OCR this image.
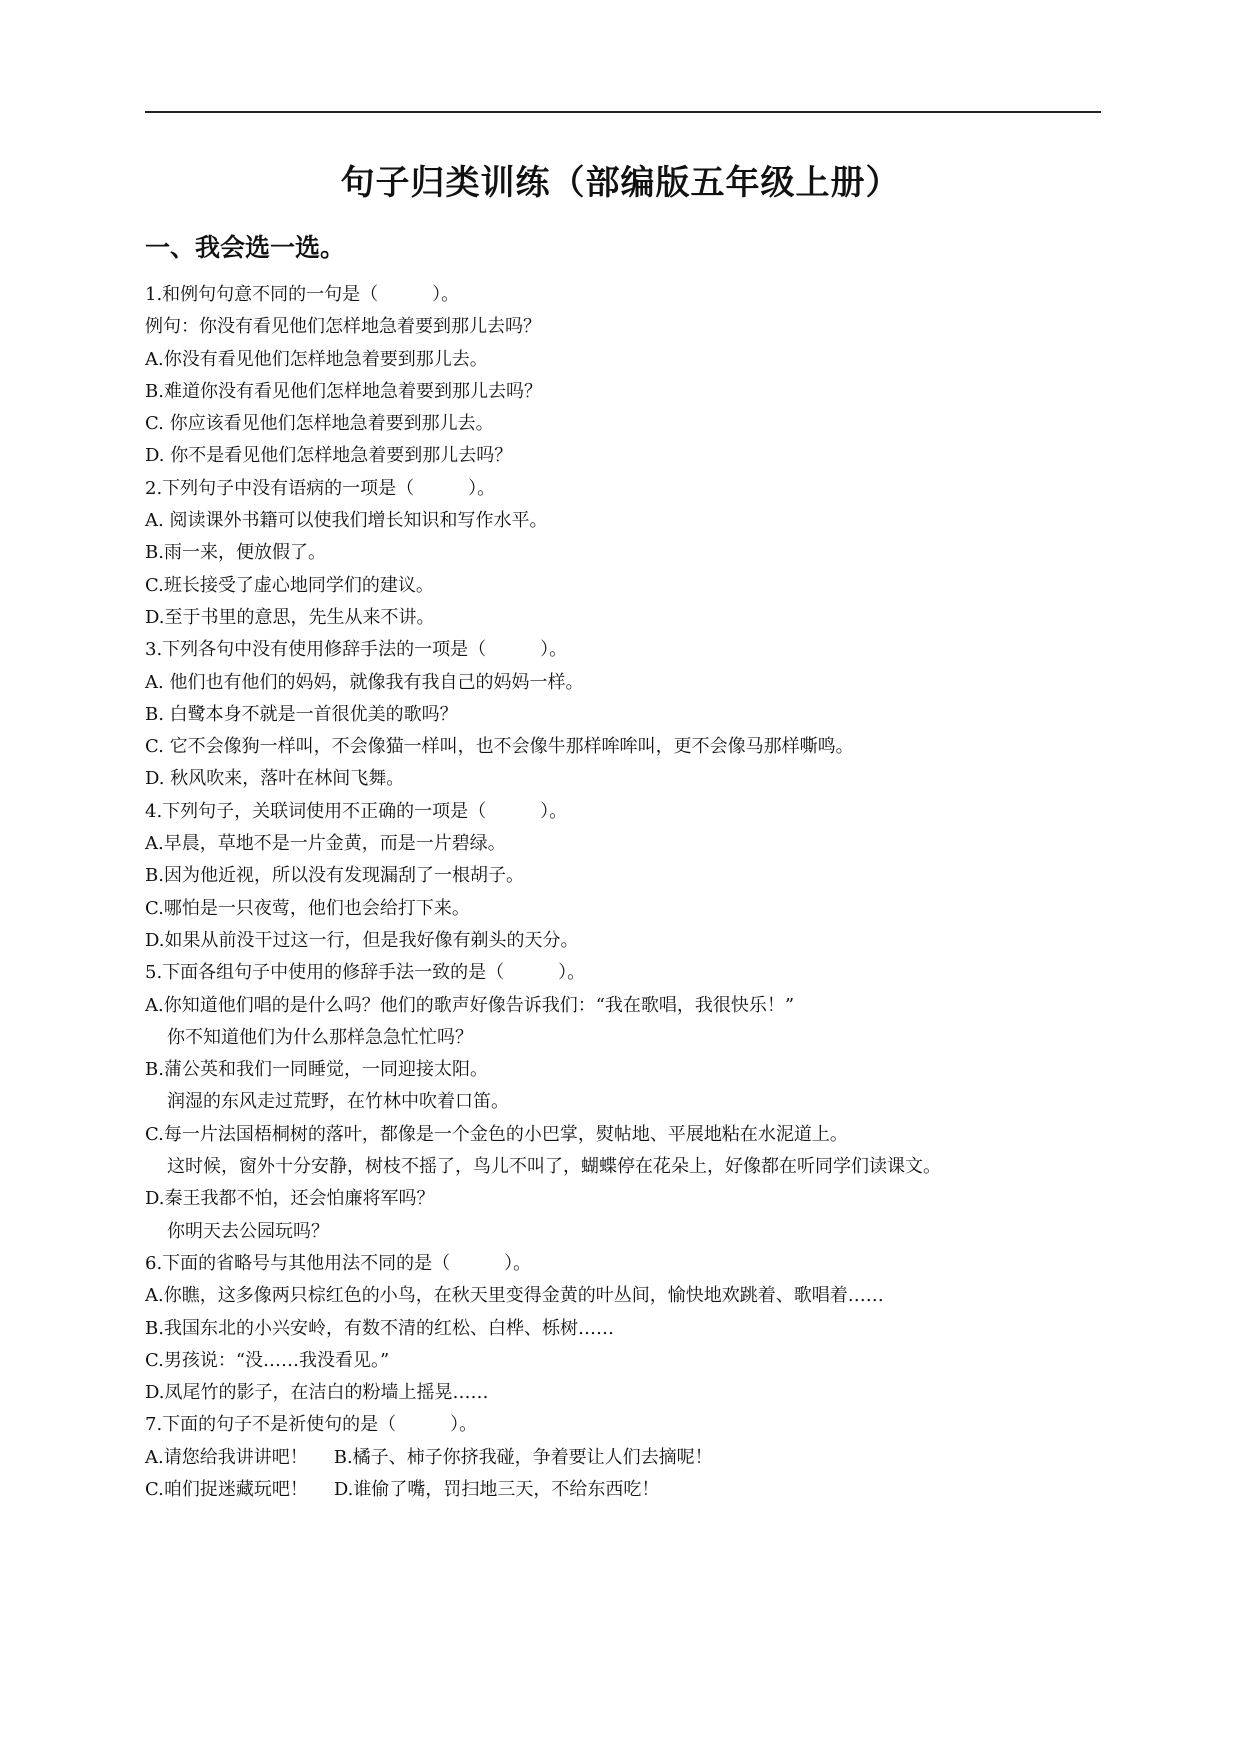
句子归类训练（部编版五年级上册）
一、我会选一选。
1.和例句句意不同的一句是（　　　）。
例句：你没有看见他们怎样地急着要到那儿去吗？
A.你没有看见他们怎样地急着要到那儿去。
B.难道你没有看见他们怎样地急着要到那儿去吗？
C. 你应该看见他们怎样地急着要到那儿去。
D. 你不是看见他们怎样地急着要到那儿去吗？
2.下列句子中没有语病的一项是（　　　）。
A. 阅读课外书籍可以使我们增长知识和写作水平。
B.雨一来，便放假了。
C.班长接受了虚心地同学们的建议。
D.至于书里的意思，先生从来不讲。
3.下列各句中没有使用修辞手法的一项是（　　　）。
A. 他们也有他们的妈妈，就像我有我自己的妈妈一样。
B. 白鹭本身不就是一首很优美的歌吗？
C. 它不会像狗一样叫，不会像猫一样叫，也不会像牛那样哞哞叫，更不会像马那样嘶鸣。
D. 秋风吹来，落叶在林间飞舞。
4.下列句子，关联词使用不正确的一项是（　　　）。
A.早晨，草地不是一片金黄，而是一片碧绿。
B.因为他近视，所以没有发现漏刮了一根胡子。
C.哪怕是一只夜莺，他们也会给打下来。
D.如果从前没干过这一行，但是我好像有剃头的天分。
5.下面各组句子中使用的修辞手法一致的是（　　　）。
A.你知道他们唱的是什么吗？他们的歌声好像告诉我们：“我在歌唱，我很快乐！”
你不知道他们为什么那样急急忙忙吗？
B.蒲公英和我们一同睡觉，一同迎接太阳。
润湿的东风走过荒野，在竹林中吹着口笛。
C.每一片法国梧桐树的落叶，都像是一个金色的小巴掌，熨帖地、平展地粘在水泥道上。
这时候，窗外十分安静，树枝不摇了，鸟儿不叫了，蝴蝶停在花朵上，好像都在听同学们读课文。
D.秦王我都不怕，还会怕廉将军吗？
你明天去公园玩吗？
6.下面的省略号与其他用法不同的是（　　　）。
A.你瞧，这多像两只棕红色的小鸟，在秋天里变得金黄的叶丛间，愉快地欢跳着、歌唱着……
B.我国东北的小兴安岭，有数不清的红松、白桦、栎树……
C.男孩说：“没……我没看见。”
D.凤尾竹的影子，在洁白的粉墙上摇晃……
7.下面的句子不是祈使句的是（　　　）。
A.请您给我讲讲吧！ B.橘子、柿子你挤我碰，争着要让人们去摘呢！
C.咱们捉迷藏玩吧！ D.谁偷了嘴，罚扫地三天，不给东西吃！
